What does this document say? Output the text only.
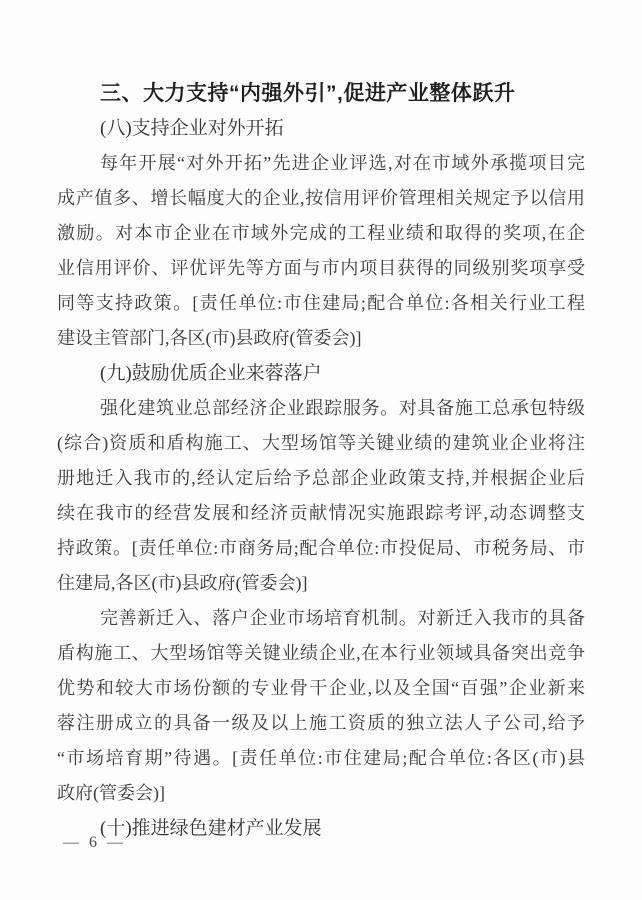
三、大力支持“内强外引”,促进产业整体跃升
(八)支持企业对外开拓
每年开展“对外开拓”先进企业评选,对在市域外承揽项目完
成产值多、增长幅度大的企业,按信用评价管理相关规定予以信用
激励。对本市企业在市域外完成的工程业绩和取得的奖项,在企
业信用评价、评优评先等方面与市内项目获得的同级别奖项享受
同等支持政策。[责任单位:市住建局;配合单位:各相关行业工程
建设主管部门,各区(市)县政府(管委会)]
(九)鼓励优质企业来蓉落户
强化建筑业总部经济企业跟踪服务。对具备施工总承包特级
(综合)资质和盾构施工、大型场馆等关键业绩的建筑业企业将注
册地迁入我市的,经认定后给予总部企业政策支持,并根据企业后
续在我市的经营发展和经济贡献情况实施跟踪考评,动态调整支
持政策。[责任单位:市商务局;配合单位:市投促局、市税务局、市
住建局,各区(市)县政府(管委会)]
完善新迁入、落户企业市场培育机制。对新迁入我市的具备
盾构施工、大型场馆等关键业绩企业,在本行业领域具备突出竞争
优势和较大市场份额的专业骨干企业,以及全国“百强”企业新来
蓉注册成立的具备一级及以上施工资质的独立法人子公司,给予
“市场培育期”待遇。[责任单位:市住建局;配合单位:各区(市)县
政府(管委会)]
(十)推进绿色建材产业发展
— 6 —
